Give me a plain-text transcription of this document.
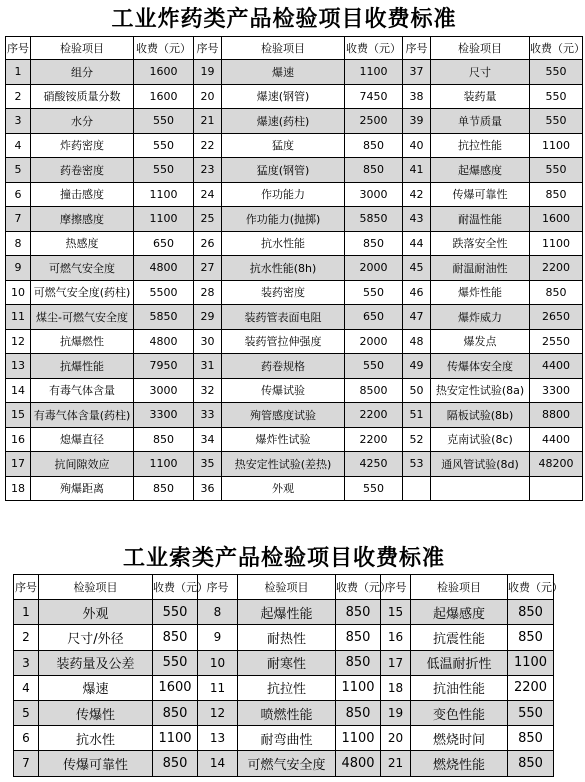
工业炸药类产品检验项目收费标准
序号	检验项目	收费（元）	序号	检验项目	收费（元）	序号	检验项目	收费（元）
1	组分	1600	19	爆速	1100	37	尺寸	550
2	硝酸铵质量分数	1600	20	爆速(钢管)	7450	38	装药量	550
3	水分	550	21	爆速(药柱)	2500	39	单节质量	550
4	炸药密度	550	22	猛度	850	40	抗拉性能	1100
5	药卷密度	550	23	猛度(钢管)	850	41	起爆感度	550
6	撞击感度	1100	24	作功能力	3000	42	传爆可靠性	850
7	摩擦感度	1100	25	作功能力(抛掷)	5850	43	耐温性能	1600
8	热感度	650	26	抗水性能	850	44	跌落安全性	1100
9	可燃气安全度	4800	27	抗水性能(8h)	2000	45	耐温耐油性	2200
10	可燃气安全度(药柱)	5500	28	装药密度	550	46	爆炸性能	850
11	煤尘-可燃气安全度	5850	29	装药管表面电阻	650	47	爆炸威力	2650
12	抗爆燃性	4800	30	装药管拉伸强度	2000	48	爆发点	2550
13	抗爆性能	7950	31	药卷规格	550	49	传爆体安全度	4400
14	有毒气体含量	3000	32	传爆试验	8500	50	热安定性试验(8a)	3300
15	有毒气体含量(药柱)	3300	33	殉管感度试验	2200	51	隔板试验(8b)	8800
16	熄爆直径	850	34	爆炸性试验	2200	52	克南试验(8c)	4400
17	抗间隙效应	1100	35	热安定性试验(差热)	4250	53	通风管试验(8d)	48200
18	殉爆距离	850	36	外观	550			
工业索类产品检验项目收费标准
序号	检验项目	收费（元）	序号	检验项目	收费（元）	序号	检验项目	收费（元）
1	外观	550	8	起爆性能	850	15	起爆感度	850
2	尺寸/外径	850	9	耐热性	850	16	抗震性能	850
3	装药量及公差	550	10	耐寒性	850	17	低温耐折性	1100
4	爆速	1600	11	抗拉性	1100	18	抗油性能	2200
5	传爆性	850	12	喷燃性能	850	19	变色性能	550
6	抗水性	1100	13	耐弯曲性	1100	20	燃烧时间	850
7	传爆可靠性	850	14	可燃气安全度	4800	21	燃烧性能	850
